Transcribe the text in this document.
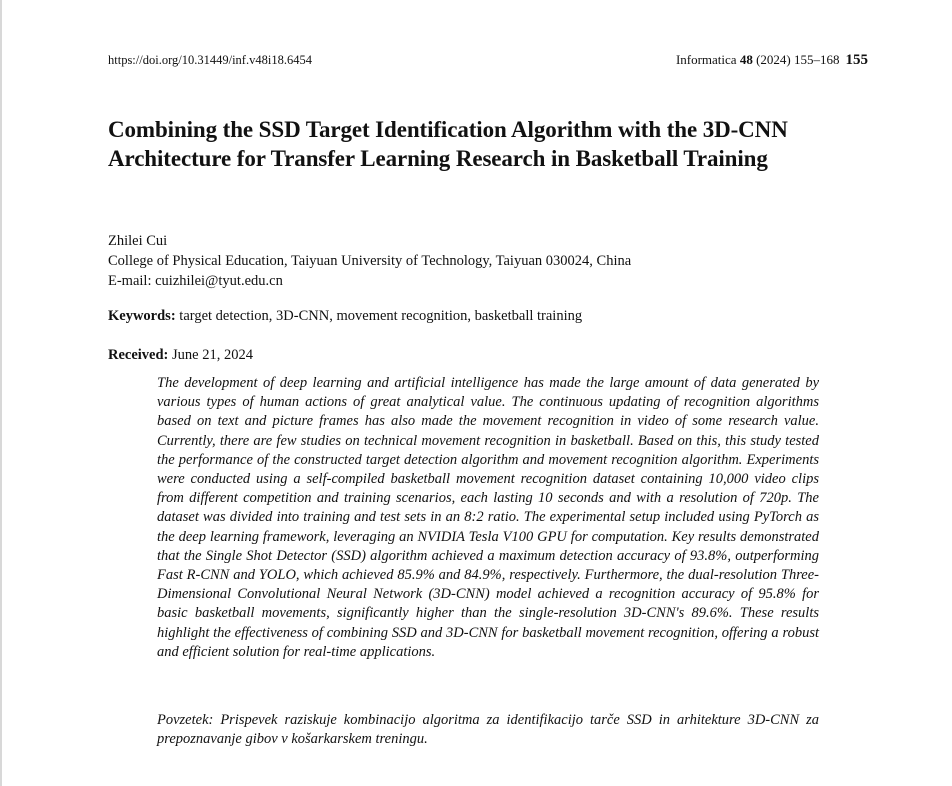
https://doi.org/10.31449/inf.v48i18.6454	Informatica 48 (2024) 155–168 155
Combining the SSD Target Identification Algorithm with the 3D-CNN Architecture for Transfer Learning Research in Basketball Training
Zhilei Cui
College of Physical Education, Taiyuan University of Technology, Taiyuan 030024, China
E-mail: cuizhilei@tyut.edu.cn
Keywords: target detection, 3D-CNN, movement recognition, basketball training
Received: June 21, 2024

The development of deep learning and artificial intelligence has made the large amount of data generated by various types of human actions of great analytical value. The continuous updating of recognition algorithms based on text and picture frames has also made the movement recognition in video of some research value. Currently, there are few studies on technical movement recognition in basketball. Based on this, this study tested the performance of the constructed target detection algorithm and movement recognition algorithm. Experiments were conducted using a self-compiled basketball movement recognition dataset containing 10,000 video clips from different competition and training scenarios, each lasting 10 seconds and with a resolution of 720p. The dataset was divided into training and test sets in an 8:2 ratio. The experimental setup included using PyTorch as the deep learning framework, leveraging an NVIDIA Tesla V100 GPU for computation. Key results demonstrated that the Single Shot Detector (SSD) algorithm achieved a maximum detection accuracy of 93.8%, outperforming Fast R-CNN and YOLO, which achieved 85.9% and 84.9%, respectively. Furthermore, the dual-resolution Three-Dimensional Convolutional Neural Network (3D-CNN) model achieved a recognition accuracy of 95.8% for basic basketball movements, significantly higher than the single-resolution 3D-CNN's 89.6%. These results highlight the effectiveness of combining SSD and 3D-CNN for basketball movement recognition, offering a robust and efficient solution for real-time applications.

Povzetek: Prispevek raziskuje kombinacijo algoritma za identifikacijo tarče SSD in arhitekture 3D-CNN za prepoznavanje gibov v košarkarskem treningu.
